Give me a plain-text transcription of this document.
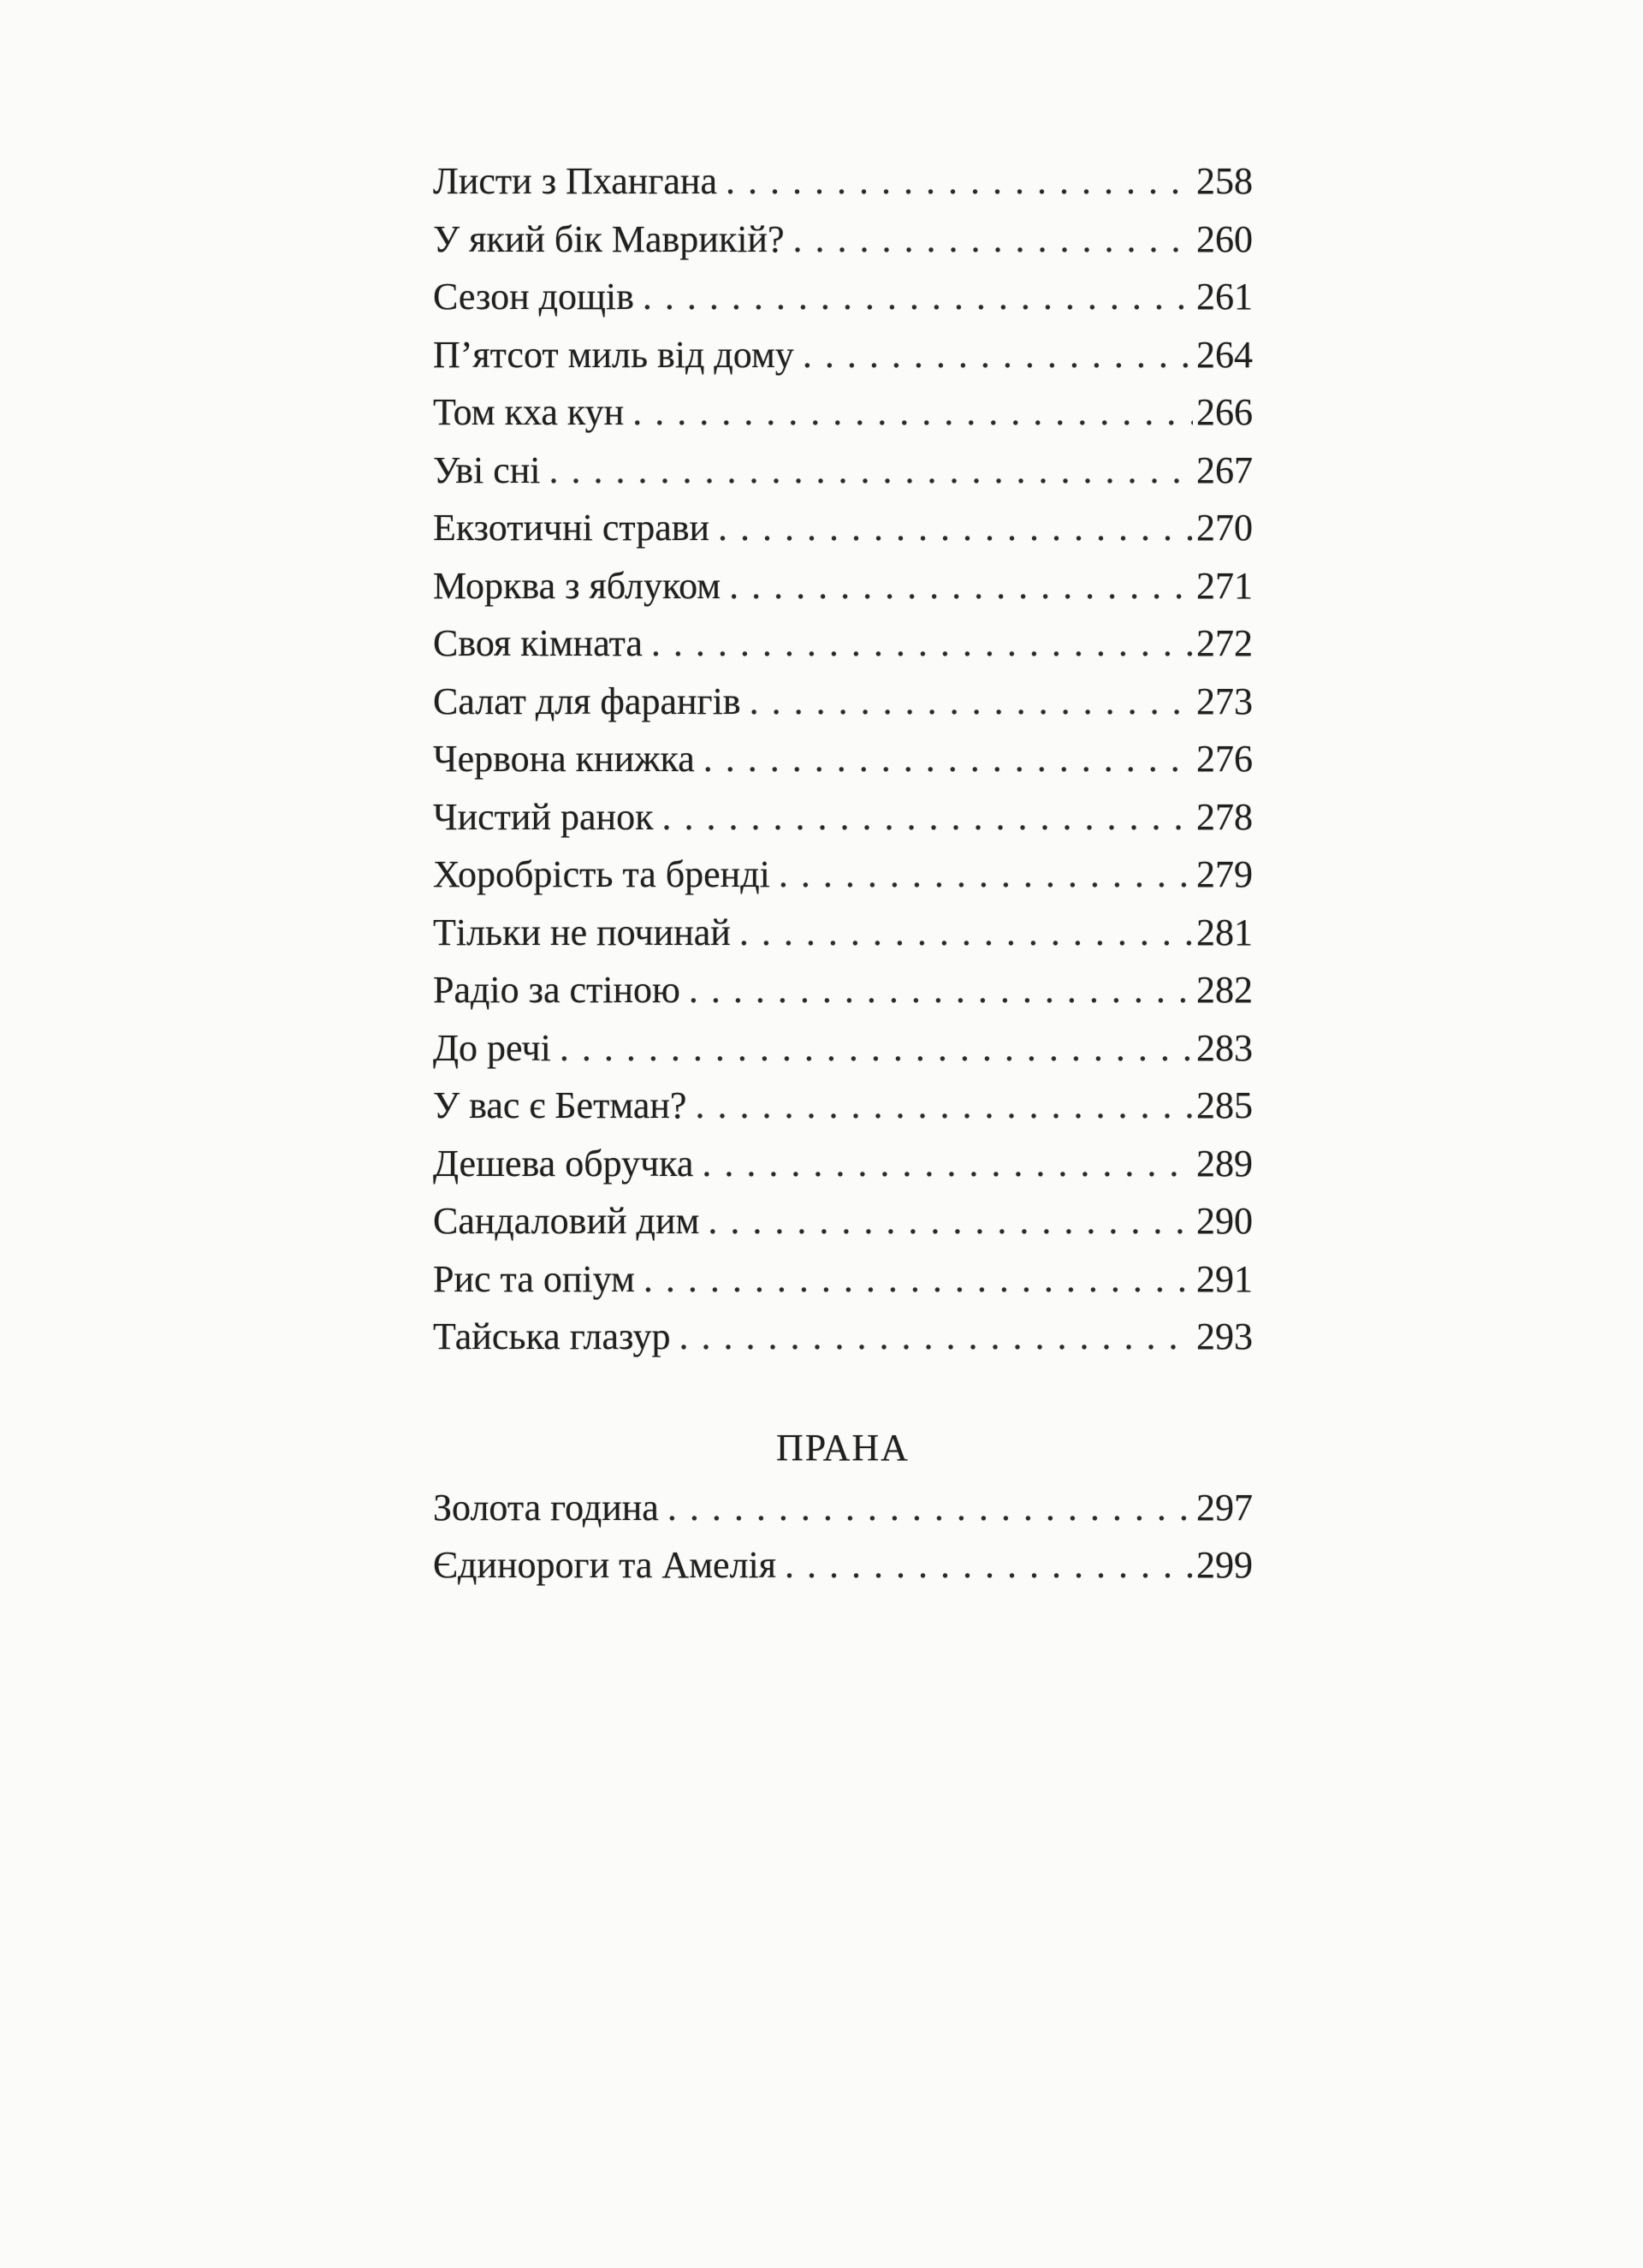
Листи з Пхангана .....	258
У який бік Маврикій? .....	260
Сезон дощів .....	261
П’ятсот миль від дому .....	264
Том кха кун .....	266
Уві сні .....	267
Екзотичні страви .....	270
Морква з яблуком .....	271
Своя кімната .....	272
Салат для фарангів .....	273
Червона книжка .....	276
Чистий ранок .....	278
Хоробрість та бренді .....	279
Тільки не починай .....	281
Радіо за стіною .....	282
До речі .....	283
У вас є Бетман? .....	285
Дешева обручка .....	289
Сандаловий дим .....	290
Рис та опіум .....	291
Тайська глазур .....	293
ПРАНА
Золота година .....	297
Єдинороги та Амелія .....	299
